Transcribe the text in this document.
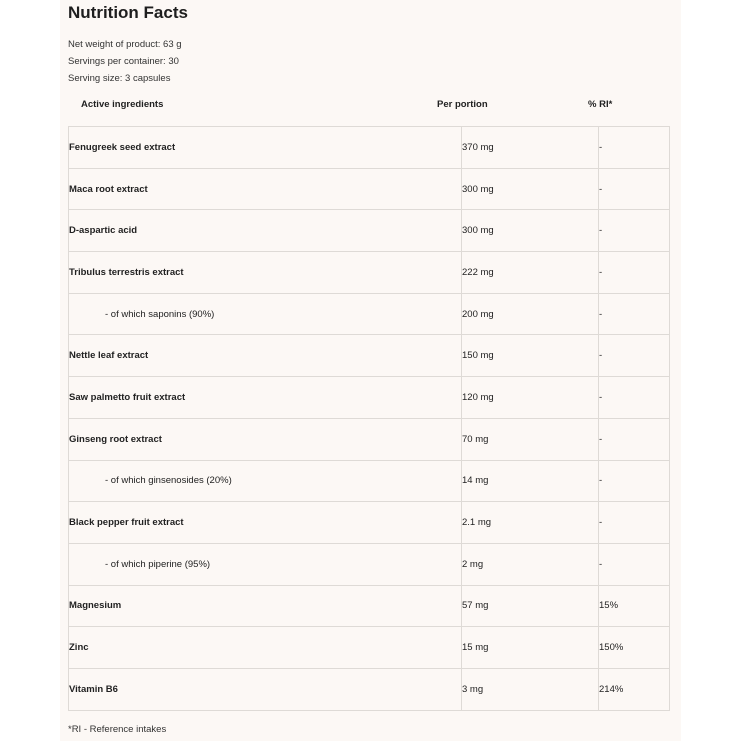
Nutrition Facts
Net weight of product: 63 g
Servings per container: 30
Serving size: 3 capsules
Active ingredients	Per portion	% RI*
Fenugreek seed extract	370 mg	-
Maca root extract	300 mg	-
D-aspartic acid	300 mg	-
Tribulus terrestris extract	222 mg	-
- of which saponins (90%)	200 mg	-
Nettle leaf extract	150 mg	-
Saw palmetto fruit extract	120 mg	-
Ginseng root extract	70 mg	-
- of which ginsenosides (20%)	14 mg	-
Black pepper fruit extract	2.1 mg	-
- of which piperine (95%)	2 mg	-
Magnesium	57 mg	15%
Zinc	15 mg	150%
Vitamin B6	3 mg	214%
*RI - Reference intakes
